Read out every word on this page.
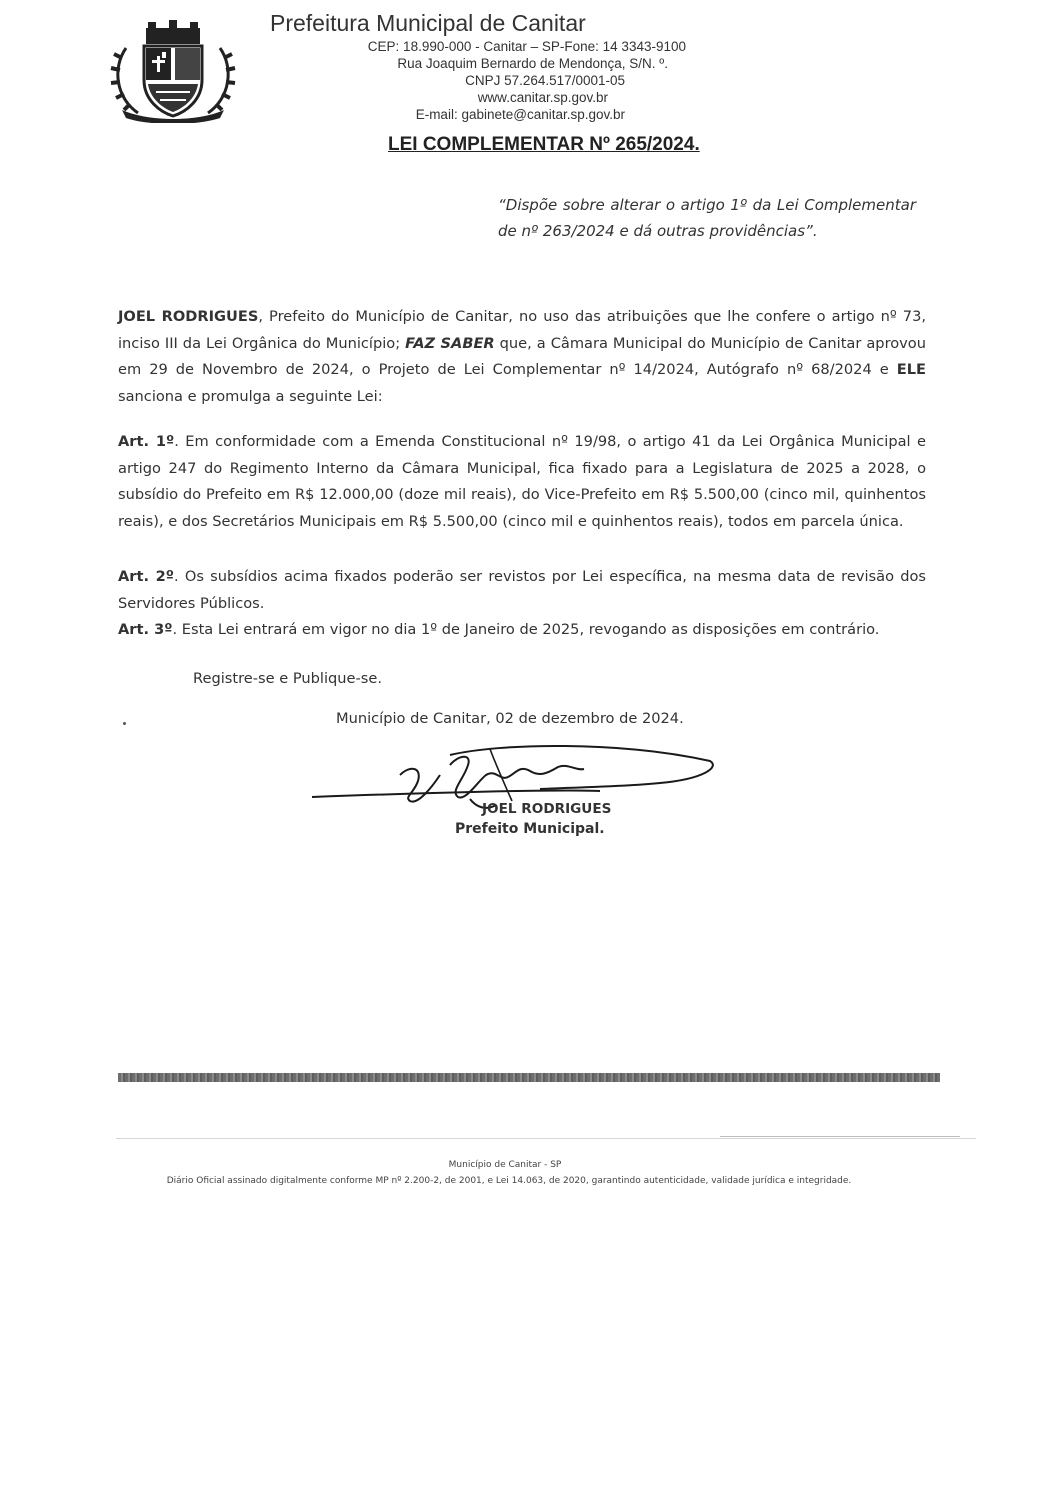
Prefeitura Municipal de Canitar
CEP: 18.990-000 - Canitar – SP-Fone: 14 3343-9100
Rua Joaquim Bernardo de Mendonça, S/N. º.
CNPJ 57.264.517/0001-05
www.canitar.sp.gov.br
E-mail: gabinete@canitar.sp.gov.br
LEI COMPLEMENTAR Nº 265/2024.
“Dispõe sobre alterar o artigo 1º da Lei Complementar de nº 263/2024 e dá outras providências”.
JOEL RODRIGUES, Prefeito do Município de Canitar, no uso das atribuições que lhe confere o artigo nº 73, inciso III da Lei Orgânica do Município; FAZ SABER que, a Câmara Municipal do Município de Canitar aprovou em 29 de Novembro de 2024, o Projeto de Lei Complementar nº 14/2024, Autógrafo nº 68/2024 e ELE sanciona e promulga a seguinte Lei:
Art. 1º. Em conformidade com a Emenda Constitucional nº 19/98, o artigo 41 da Lei Orgânica Municipal e artigo 247 do Regimento Interno da Câmara Municipal, fica fixado para a Legislatura de 2025 a 2028, o subsídio do Prefeito em R$ 12.000,00 (doze mil reais), do Vice-Prefeito em R$ 5.500,00 (cinco mil, quinhentos reais), e dos Secretários Municipais em R$ 5.500,00 (cinco mil e quinhentos reais), todos em parcela única.
Art. 2º. Os subsídios acima fixados poderão ser revistos por Lei específica, na mesma data de revisão dos Servidores Públicos.
Art. 3º. Esta Lei entrará em vigor no dia 1º de Janeiro de 2025, revogando as disposições em contrário.
Registre-se e Publique-se.
Município de Canitar, 02 de dezembro de 2024.
JOEL RODRIGUES
Prefeito Municipal.
Município de Canitar - SP
Diário Oficial assinado digitalmente conforme MP nº 2.200-2, de 2001, e Lei 14.063, de 2020, garantindo autenticidade, validade jurídica e integridade.
